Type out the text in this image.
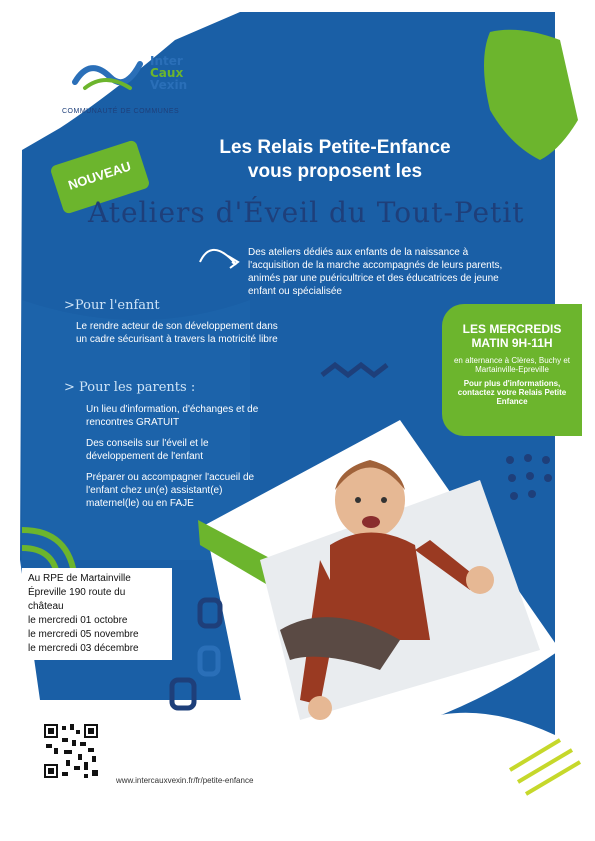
Inter
Caux
Vexin
COMMUNAUTÉ DE COMMUNES
NOUVEAU
Les Relais Petite-Enfance
vous proposent les
Ateliers d'Éveil du Tout-Petit
Des ateliers dédiés aux enfants de la naissance à l'acquisition de la marche accompagnés de leurs parents, animés par une puéricultrice et des éducatrices de jeune enfant ou spécialisée
>Pour l'enfant
Le rendre acteur de son développement dans un cadre sécurisant à travers la motricité libre
> Pour les parents :
Un lieu d'information, d'échanges et de rencontres GRATUIT
Des conseils sur l'éveil et le développement de l'enfant
Préparer ou accompagner l'accueil de l'enfant chez un(e) assistant(e) maternel(le) ou en FAJE
LES MERCREDIS
MATIN 9H-11H
en alternance à Clères, Buchy et Martainville-Epreville
Pour plus d'informations, contactez votre Relais Petite Enfance
Au RPE de Martainville
Épreville 190 route du
château
le mercredi 01 octobre
le mercredi 05 novembre
le mercredi 03 décembre
www.intercauxvexin.fr/fr/petite-enfance
